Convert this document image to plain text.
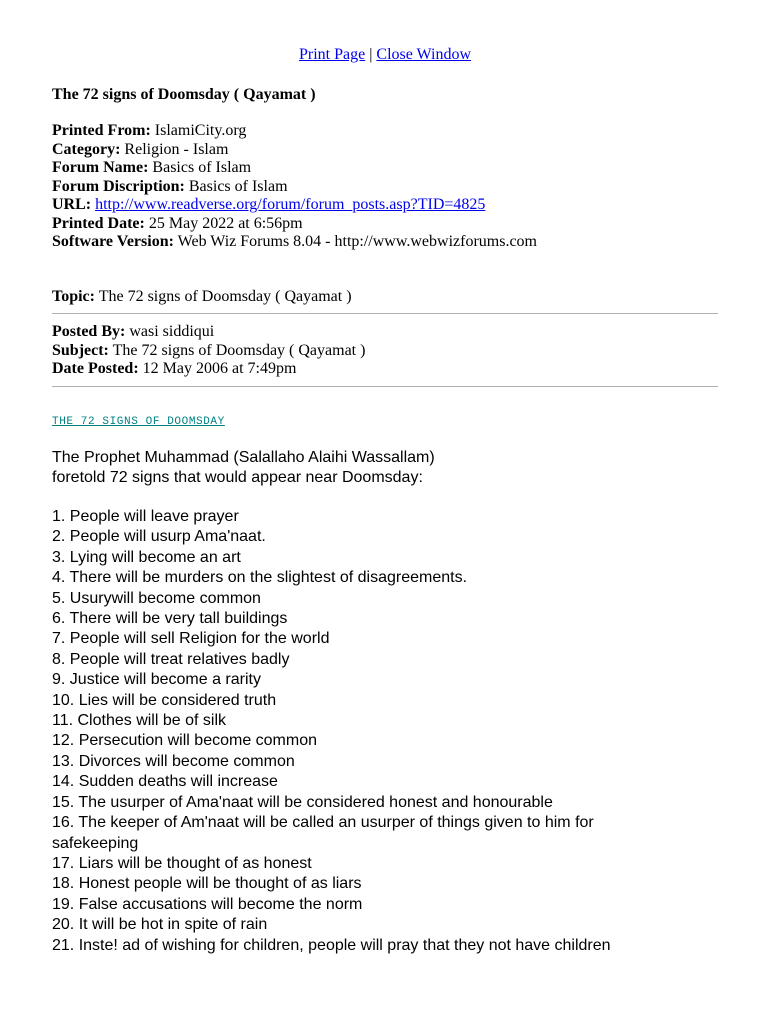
Print Page | Close Window
The 72 signs of Doomsday ( Qayamat )
Printed From: IslamiCity.org
Category: Religion - Islam
Forum Name: Basics of Islam
Forum Discription: Basics of Islam
URL: http://www.readverse.org/forum/forum_posts.asp?TID=4825
Printed Date: 25 May 2022 at 6:56pm
Software Version: Web Wiz Forums 8.04 - http://www.webwizforums.com
Topic: The 72 signs of Doomsday ( Qayamat )
Posted By: wasi siddiqui
Subject: The 72 signs of Doomsday ( Qayamat )
Date Posted: 12 May 2006 at 7:49pm
THE 72 SIGNS OF DOOMSDAY
The Prophet Muhammad (Salallaho Alaihi Wassallam)
foretold 72 signs that would appear near Doomsday:
1. People will leave prayer
2. People will usurp Ama'naat.
3. Lying will become an art
4. There will be murders on the slightest of disagreements.
5. Usurywill become common
6. There will be very tall buildings
7. People will sell Religion for the world
8. People will treat relatives badly
9. Justice will become a rarity
10. Lies will be considered truth
11. Clothes will be of silk
12. Persecution will become common
13. Divorces will become common
14. Sudden deaths will increase
15. The usurper of Ama'naat will be considered honest and honourable
16. The keeper of Am'naat will be called an usurper of things given to him for safekeeping
17. Liars will be thought of as honest
18. Honest people will be thought of as liars
19. False accusations will become the norm
20. It will be hot in spite of rain
21. Inste! ad of wishing for children, people will pray that they not have children
